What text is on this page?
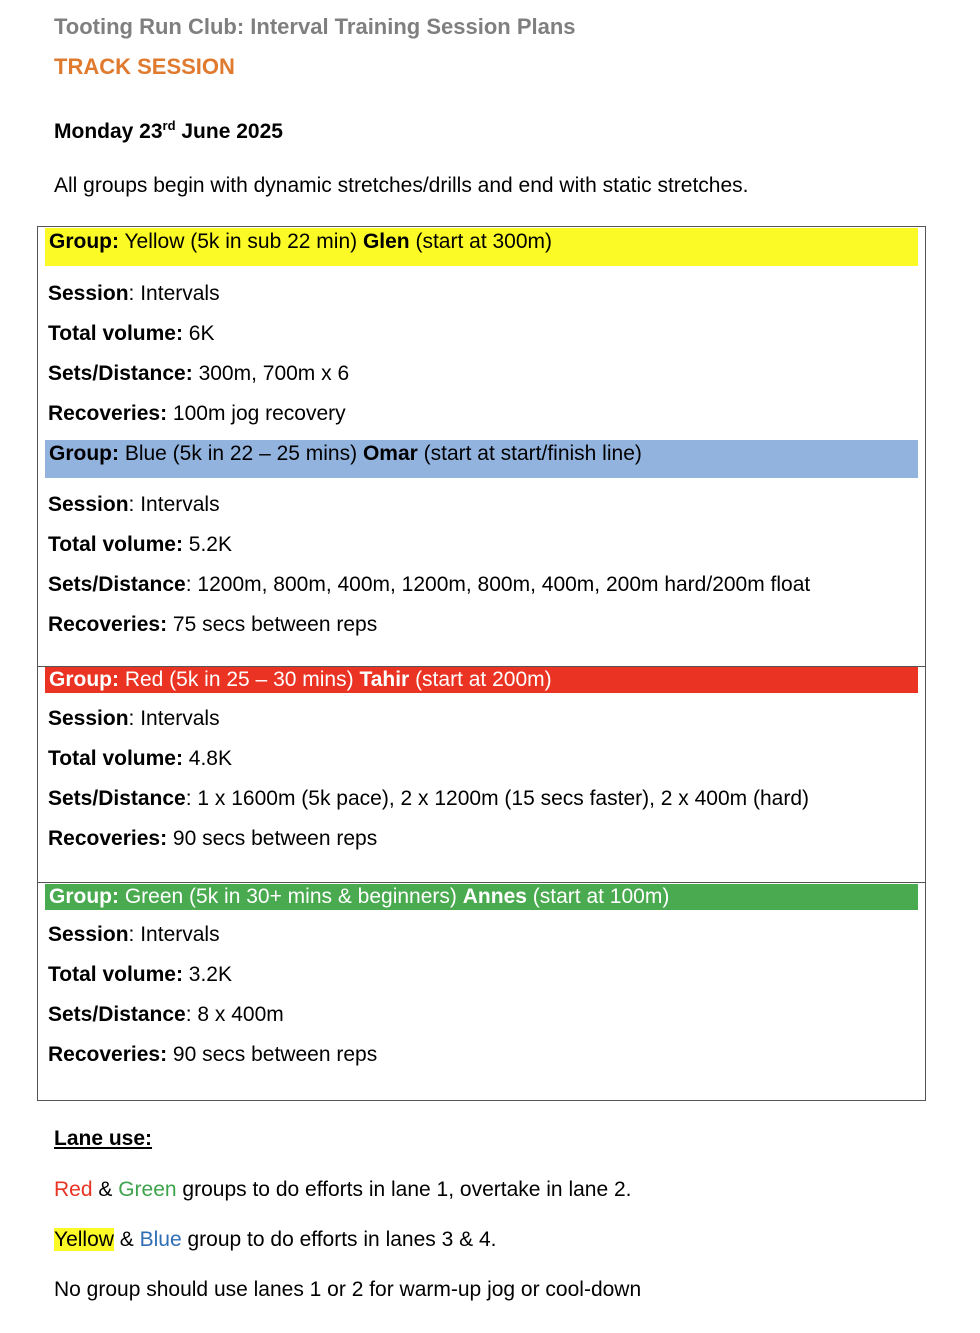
Tooting Run Club: Interval Training Session Plans
TRACK SESSION
Monday 23rd June 2025
All groups begin with dynamic stretches/drills and end with static stretches.
Group: Yellow (5k in sub 22 min) Glen (start at 300m)
Session: Intervals
Total volume: 6K
Sets/Distance: 300m, 700m x 6
Recoveries: 100m jog recovery
Group: Blue (5k in 22 – 25 mins) Omar (start at start/finish line)
Session: Intervals
Total volume: 5.2K
Sets/Distance: 1200m, 800m, 400m, 1200m, 800m, 400m, 200m hard/200m float
Recoveries: 75 secs between reps
Group: Red (5k in 25 – 30 mins) Tahir (start at 200m)
Session: Intervals
Total volume: 4.8K
Sets/Distance: 1 x 1600m (5k pace), 2 x 1200m (15 secs faster), 2 x 400m (hard)
Recoveries: 90 secs between reps
Group: Green (5k in 30+ mins & beginners) Annes (start at 100m)
Session: Intervals
Total volume: 3.2K
Sets/Distance: 8 x 400m
Recoveries: 90 secs between reps
Lane use:
Red & Green groups to do efforts in lane 1, overtake in lane 2.
Yellow & Blue group to do efforts in lanes 3 & 4.
No group should use lanes 1 or 2 for warm-up jog or cool-down
